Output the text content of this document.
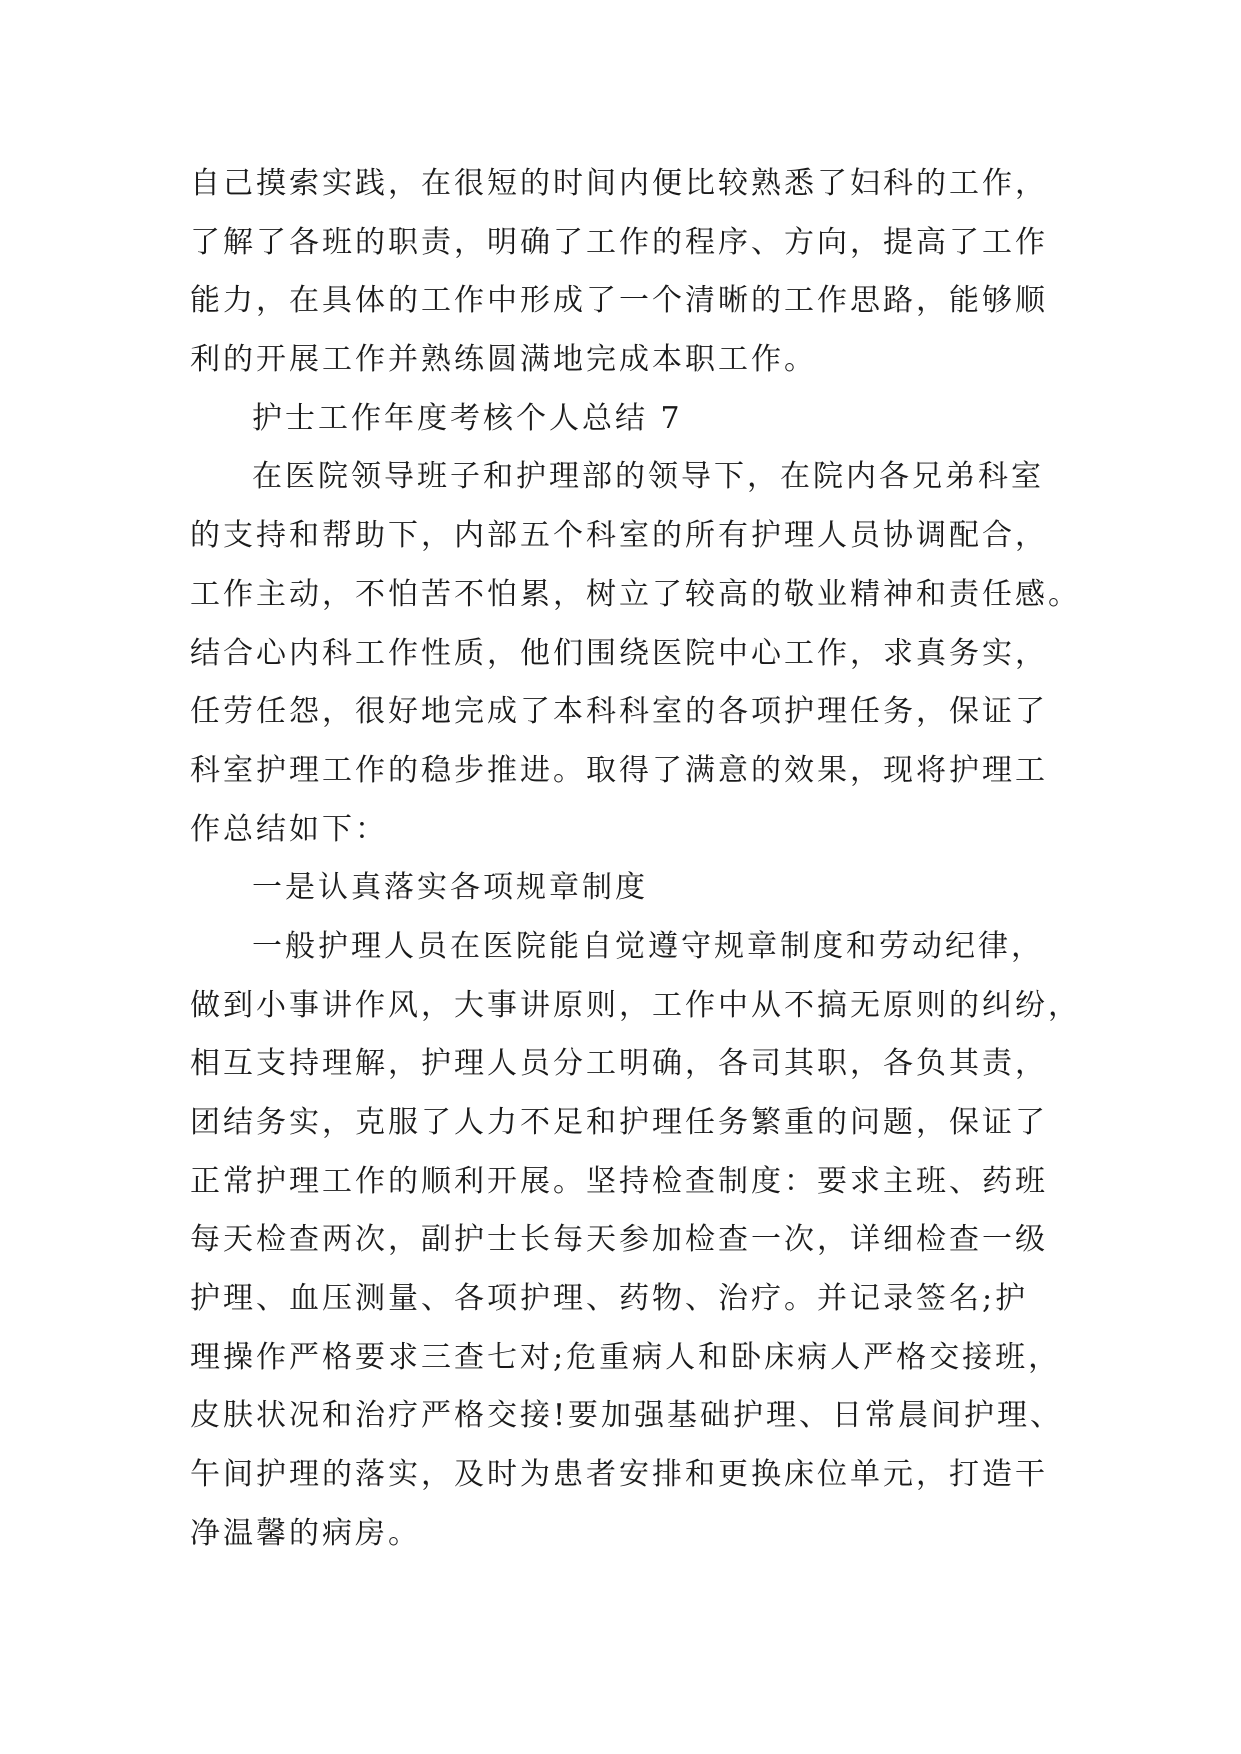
自己摸索实践，在很短的时间内便比较熟悉了妇科的工作，
了解了各班的职责，明确了工作的程序、方向，提高了工作
能力，在具体的工作中形成了一个清晰的工作思路，能够顺
利的开展工作并熟练圆满地完成本职工作。
护士工作年度考核个人总结 7
在医院领导班子和护理部的领导下，在院内各兄弟科室
的支持和帮助下，内部五个科室的所有护理人员协调配合，
工作主动，不怕苦不怕累，树立了较高的敬业精神和责任感。
结合心内科工作性质，他们围绕医院中心工作，求真务实，
任劳任怨，很好地完成了本科科室的各项护理任务，保证了
科室护理工作的稳步推进。取得了满意的效果，现将护理工
作总结如下：
一是认真落实各项规章制度
一般护理人员在医院能自觉遵守规章制度和劳动纪律，
做到小事讲作风，大事讲原则，工作中从不搞无原则的纠纷，
相互支持理解，护理人员分工明确，各司其职，各负其责，
团结务实，克服了人力不足和护理任务繁重的问题，保证了
正常护理工作的顺利开展。坚持检查制度：要求主班、药班
每天检查两次，副护士长每天参加检查一次，详细检查一级
护理、血压测量、各项护理、药物、治疗。并记录签名;护
理操作严格要求三查七对;危重病人和卧床病人严格交接班，
皮肤状况和治疗严格交接!要加强基础护理、日常晨间护理、
午间护理的落实，及时为患者安排和更换床位单元，打造干
净温馨的病房。
